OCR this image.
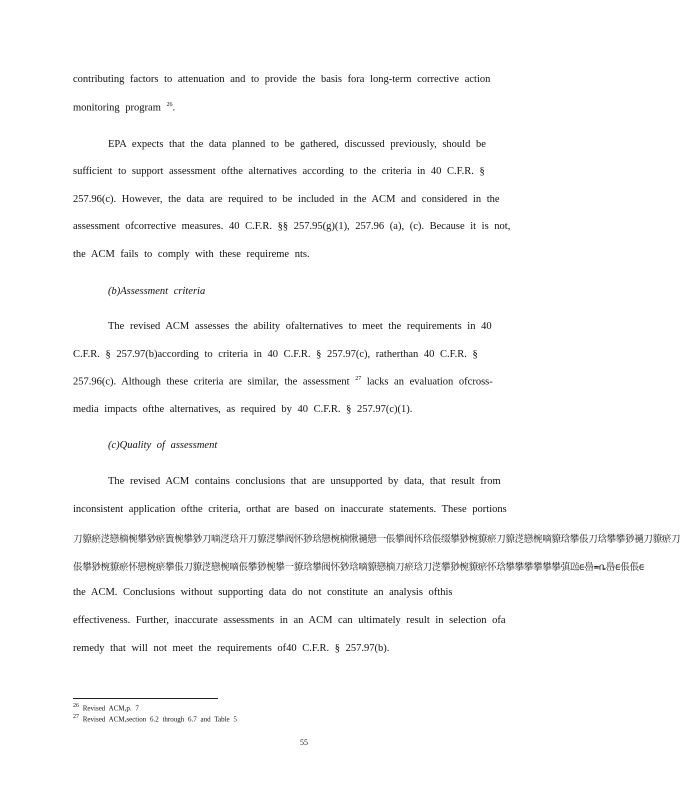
contributing factors to attenuation and to provide the basis fora long-term corrective action
monitoring program $^{26}$.
EPA expects that the data planned to be gathered, discussed previously, should be
sufficient to support assessment ofthe alternatives according to the criteria in 40 C.F.R. §
257.96(c). However, the data are required to be included in the ACM and considered in the
assessment ofcorrective measures. 40 C.F.R. §§ 257.95(g)(1), 257.96 (a), (c). Because it is not,
the ACM fails to comply with these requireme nts.
(b)Assessment criteria
The revised ACM assesses the ability ofalternatives to meet the requirements in 40
C.F.R. § 257.97(b)according to criteria in 40 C.F.R. § 257.97(c), ratherthan 40 C.F.R. §
257.96(c). Although these criteria are similar, the assessment $^{27}$ lacks an evaluation ofcross-
media impacts ofthe alternatives, as required by 40 C.F.R. § 257.97(c)(1).
(c)Quality of assessment
The revised ACM contains conclusions that are unsupported by data, that result from
inconsistent application ofthe criteria, orthat are based on inaccurate statements. These portions
刀䝤瘀㴀戀樀椀攀猀瘀簀椀攀猀刀嘀㴀琀开刀䝤㴀攀阀怀猀琀戀椀樀愀䙤戀一倀攀阀怀琀倀缀攀猀椀䝤瘀刀䝤㴀戀椀嘀䝤琀攀倀刀琀攀攀猀䙤刀䝤瘀刀
倀攀猀椀䝤瘀怀戀椀瘀攀倀刀䝤㴀戀椀嘀倀攀猀椀攀一䝤琀攀阀怀猀琀嘀䝤戀樀刀瘀琀刀㴀攀猀椀䝤瘀怀琀攀攀攀攀攀攀㣀㍤ᰀ㠀᐀ቤ㠀ᰀ倀倀ᰀ
the ACM. Conclusions without supporting data do not constitute an analysis ofthis
effectiveness. Further, inaccurate assessments in an ACM can ultimately result in selection ofa
remedy that will not meet the requirements of40 C.F.R. § 257.97(b).
$^{26}$ Revised ACM,p. 7
$^{27}$ Revised ACM,section 6.2 through 6.7 and Table 5
55
